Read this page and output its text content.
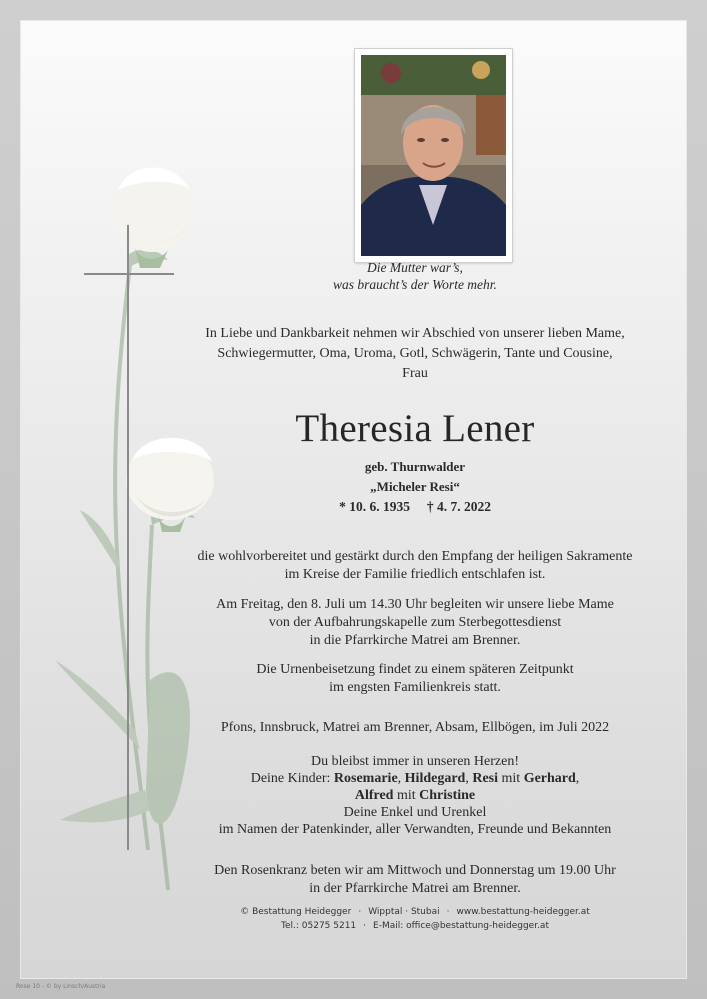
Die Mutter war’s,
was braucht’s der Worte mehr.
In Liebe und Dankbarkeit nehmen wir Abschied von unserer lieben Mame,
Schwiegermutter, Oma, Uroma, Gotl, Schwägerin, Tante und Cousine,
Frau
Theresia Lener
geb. Thurnwalder
„Micheler Resi“
* 10. 6. 1935 † 4. 7. 2022
die wohlvorbereitet und gestärkt durch den Empfang der heiligen Sakramente
im Kreise der Familie friedlich entschlafen ist.
Am Freitag, den 8. Juli um 14.30 Uhr begleiten wir unsere liebe Mame
von der Aufbahrungskapelle zum Sterbegottesdienst
in die Pfarrkirche Matrei am Brenner.
Die Urnenbeisetzung findet zu einem späteren Zeitpunkt
im engsten Familienkreis statt.
Pfons, Innsbruck, Matrei am Brenner, Absam, Ellbögen, im Juli 2022
Du bleibst immer in unseren Herzen!
Deine Kinder: Rosemarie, Hildegard, Resi mit Gerhard,
Alfred mit Christine
Deine Enkel und Urenkel
im Namen der Patenkinder, aller Verwandten, Freunde und Bekannten
Den Rosenkranz beten wir am Mittwoch und Donnerstag um 19.00 Uhr
in der Pfarrkirche Matrei am Brenner.
© Bestattung Heidegger · Wipptal · Stubai · www.bestattung-heidegger.at
Tel.: 05275 5211 · E-Mail: office@bestattung-heidegger.at
Rose 10 - © by Linsch/Austria
